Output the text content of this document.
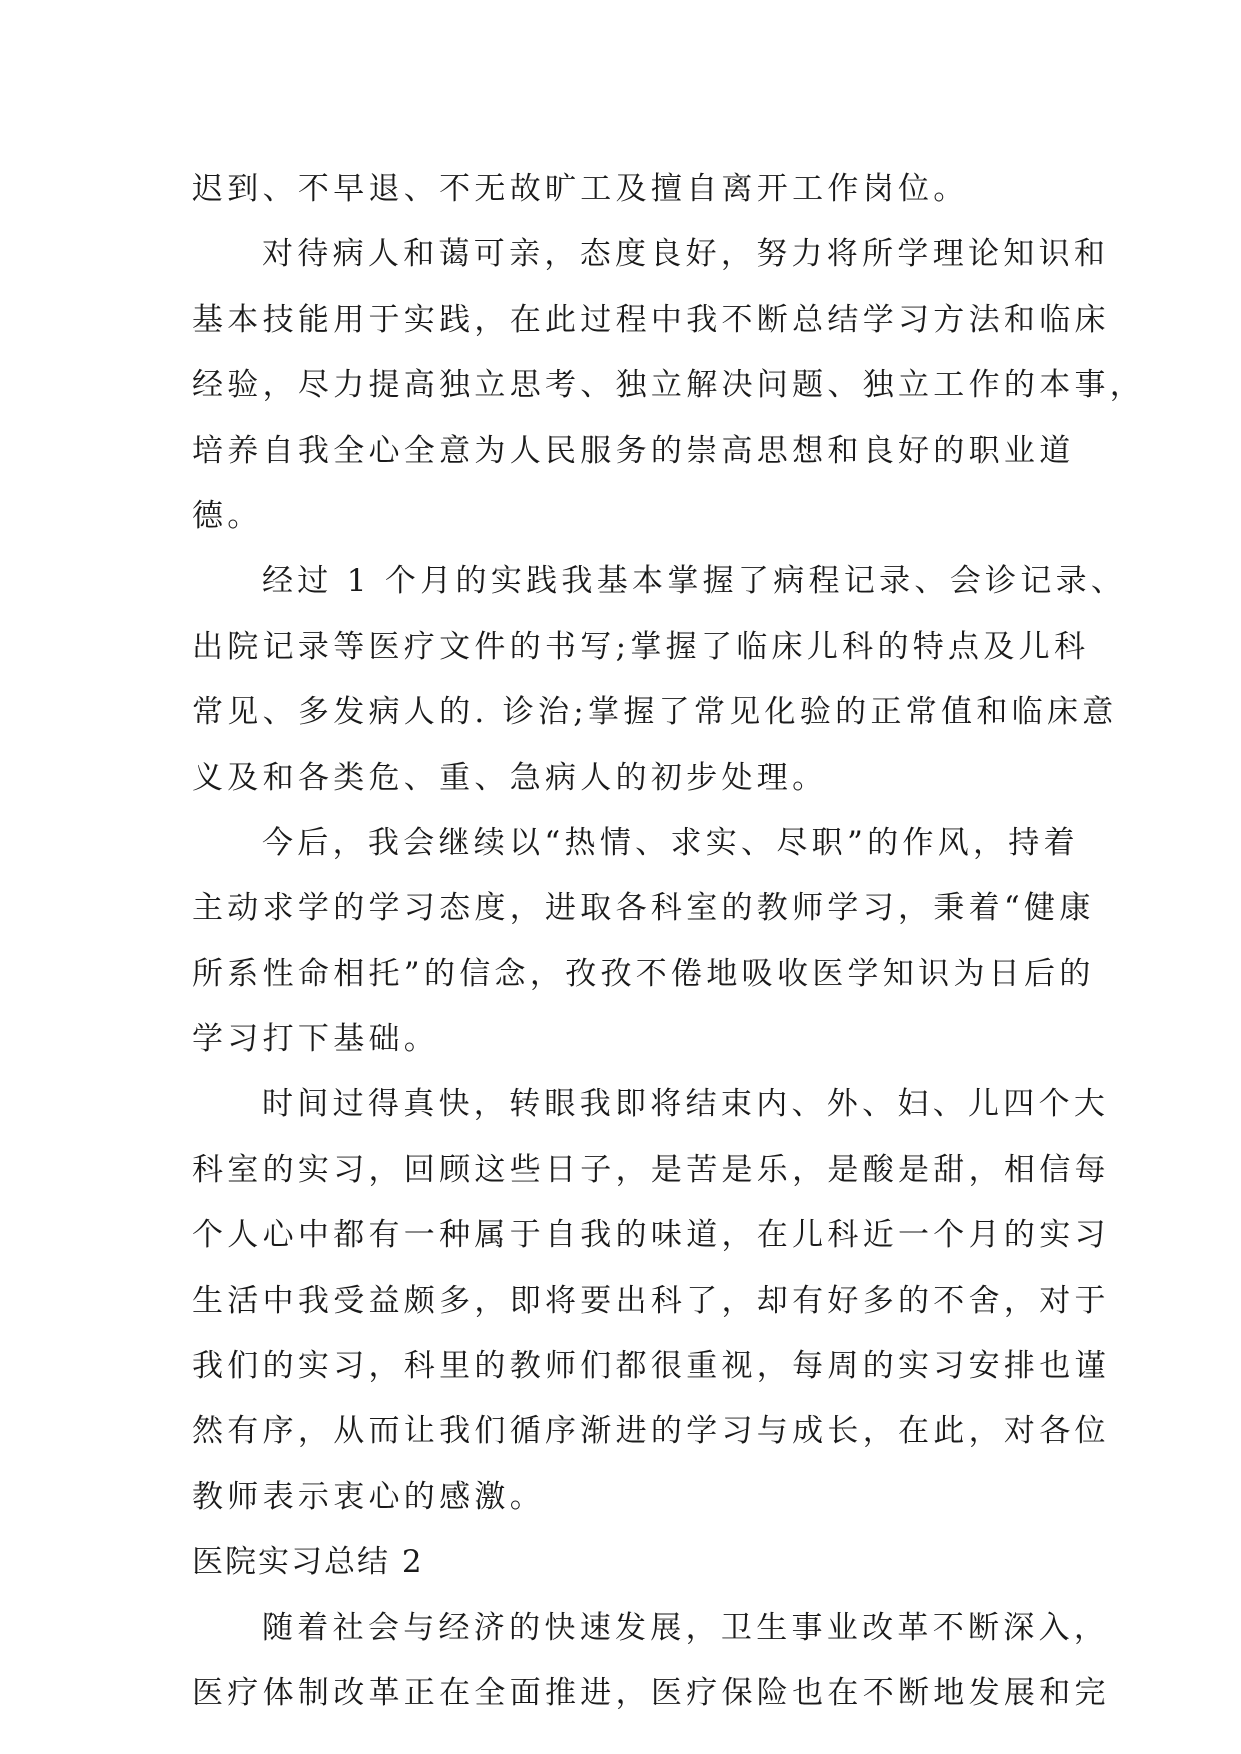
迟到、不早退、不无故旷工及擅自离开工作岗位。
对待病人和蔼可亲，态度良好，努力将所学理论知识和
基本技能用于实践，在此过程中我不断总结学习方法和临床
经验，尽力提高独立思考、独立解决问题、独立工作的本事，
培养自我全心全意为人民服务的崇高思想和良好的职业道
德。
经过 1 个月的实践我基本掌握了病程记录、会诊记录、
出院记录等医疗文件的书写;掌握了临床儿科的特点及儿科
常见、多发病人的. 诊治;掌握了常见化验的正常值和临床意
义及和各类危、重、急病人的初步处理。
今后，我会继续以“热情、求实、尽职”的作风，持着
主动求学的学习态度，进取各科室的教师学习，秉着“健康
所系性命相托”的信念，孜孜不倦地吸收医学知识为日后的
学习打下基础。
时间过得真快，转眼我即将结束内、外、妇、儿四个大
科室的实习，回顾这些日子，是苦是乐，是酸是甜，相信每
个人心中都有一种属于自我的味道，在儿科近一个月的实习
生活中我受益颇多，即将要出科了，却有好多的不舍，对于
我们的实习，科里的教师们都很重视，每周的实习安排也谨
然有序，从而让我们循序渐进的学习与成长，在此，对各位
教师表示衷心的感激。
医院实习总结 2
随着社会与经济的快速发展，卫生事业改革不断深入，
医疗体制改革正在全面推进，医疗保险也在不断地发展和完
